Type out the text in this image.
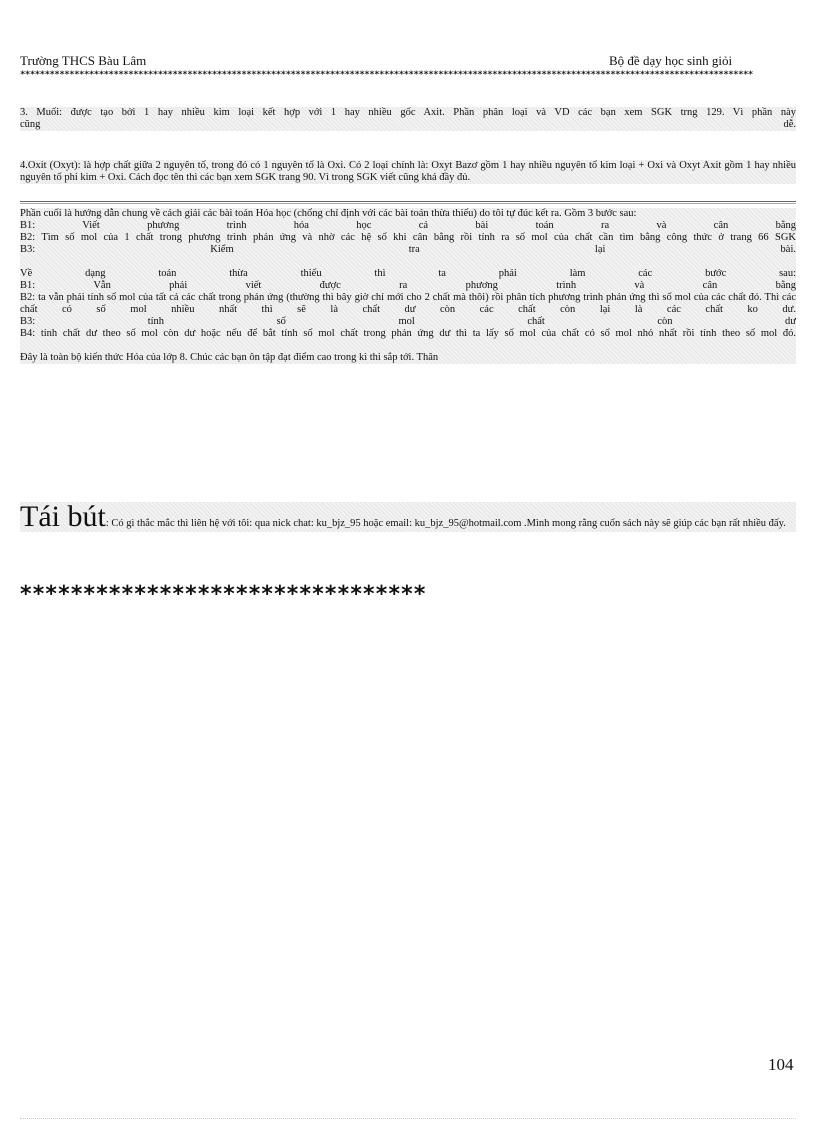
Trường THCS Bàu Lâm	Bộ đề dạy học sinh giỏi
*****************************************************************************************************************************************************
3. Muối: được tạo bởi 1 hay nhiều kim loại kết hợp với 1 hay nhiều gốc Axit. Phần phân loại và VD các bạn xem SGK trng 129. Vì phần này
cũng	dễ.
4.Oxit (Oxyt): là hợp chất giữa 2 nguyên tố, trong đó có 1 nguyên tố là Oxi. Có 2 loại chính là: Oxyt Bazơ gồm 1 hay nhiều nguyên tố kim loại + Oxi và Oxyt Axit gồm 1 hay nhiều nguyên tố phi kim + Oxi. Cách đọc tên thì các bạn xem SGK trang 90. Vì trong SGK viết cũng khá đầy đủ.
Phần cuối là hướng dẫn chung về cách giải các bài toán Hóa học (chống chỉ định với các bài toán thừa thiếu) do tôi tự đúc kết ra. Gồm 3 bước sau:
B1: Viết phương trình hóa học cả bài toán ra và cân bằng
B2: Tìm số mol của 1 chất trong phương trình phản ứng và nhờ các hệ số khi cân bằng rồi tính ra số mol của chất cần tìm bằng công thức ở trang 66 SGK
B3: Kiểm tra lại bài.
Về dạng toán thừa thiếu thì ta phải làm các bước sau:
B1: Vẫn phải viết được ra phương trình và cân bằng
B2: ta vẫn phải tính số mol của tất cả các chất trong phản ứng (thường thì bây giờ chỉ mới cho 2 chất mà thôi) rồi phân tích phương trình phản ứng thì số mol của các chất đó. Thì các chất có số mol nhiều nhất thì sẽ là chất dư còn các chất còn lại là các chất ko dư.
B3: tính số mol chất còn dư
B4: tính chất dư theo số mol còn dư hoặc nếu để bắt tính số mol chất trong phản ứng dư thì ta lấy số mol của chất có số mol nhỏ nhất rồi tính theo số mol đó.
Đây là toàn bộ kiến thức Hóa của lớp 8. Chúc các bạn ôn tập đạt điểm cao trong kì thi sắp tới. Thân
Tái bút: Có gì thắc mắc thì liên hệ với tôi: qua nick chat: ku_bjz_95 hoặc email: ku_bjz_95@hotmail.com .Mình mong rằng cuốn sách này sẽ giúp các bạn rất nhiều đấy.
********************************
104
